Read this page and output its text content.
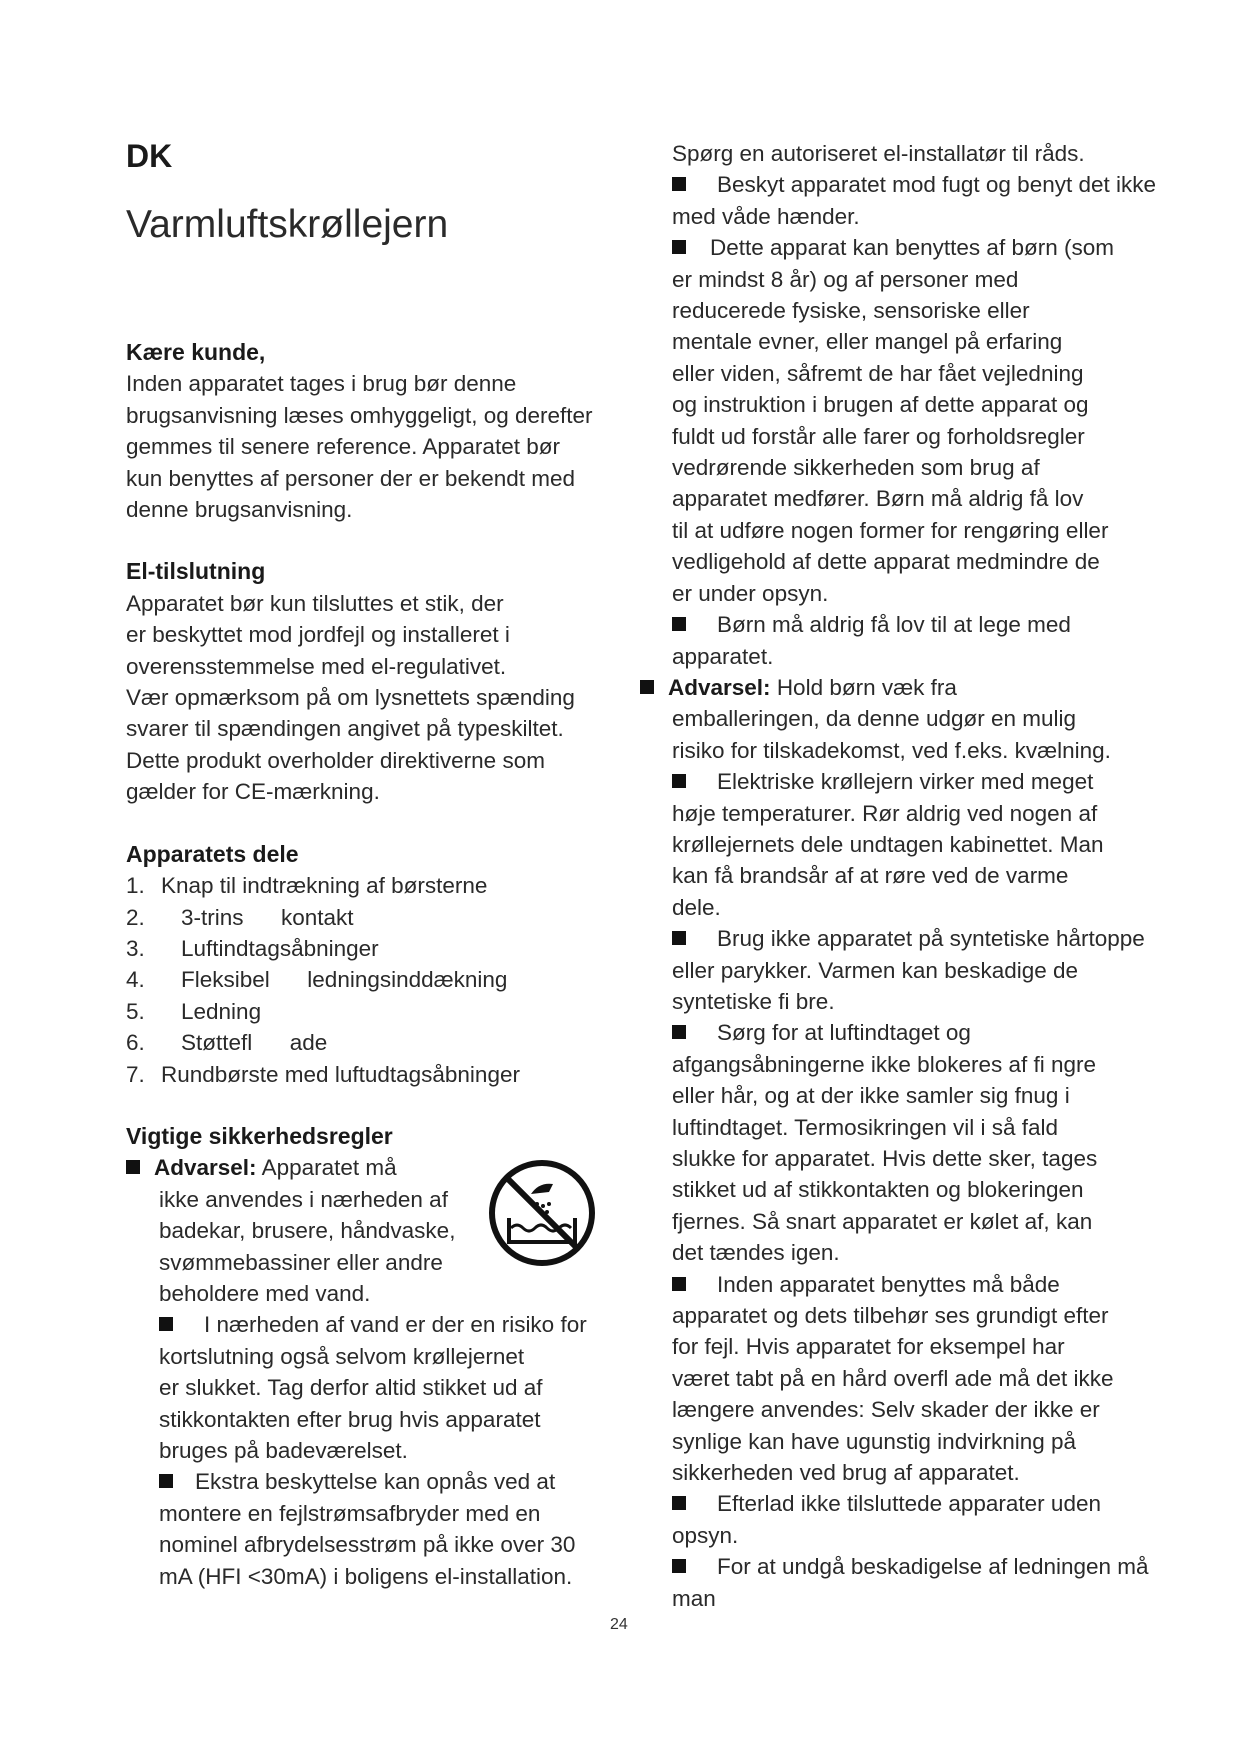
DK
Varmluftskrøllejern

Kære kunde,

Inden apparatet tages i brug bør denne

brugsanvisning læses omhyggeligt, og derefter

gemmes til senere reference. Apparatet bør

kun benyttes af personer der er bekendt med

denne brugsanvisning.

El-tilslutning

Apparatet bør kun tilsluttes et stik, der

er beskyttet mod jordfejl og installeret i

overensstemmelse med el-regulativet.

Vær opmærksom på om lysnettets spænding

svarer til spændingen angivet på typeskiltet.

Dette produkt overholder direktiverne som

gælder for CE-mærkning.

Apparatets dele

1. Knap til indtrækning af børsterne
2.	3-trins      kontakt
3.	Luftindtagsåbninger
4.	Fleksibel      ledningsinddækning
5.	Ledning
6.	Støttefl      ade
7. Rundbørste med luftudtagsåbninger

Vigtige sikkerhedsregler

Advarsel: Apparatet må

ikke anvendes i nærheden af

badekar, brusere, håndvaske,

svømmebassiner eller andre

beholdere med vand.

I nærheden af vand er der en risiko for

kortslutning også selvom krøllejernet

er slukket. Tag derfor altid stikket ud af

stikkontakten efter brug hvis apparatet

bruges på badeværelset.

Ekstra beskyttelse kan opnås ved at

montere en fejlstrømsafbryder med en

nominel afbrydelsesstrøm på ikke over 30

mA (HFI <30mA) i boligens el-installation.

Spørg en autoriseret el-installatør til råds.

Beskyt apparatet mod fugt og benyt det ikke

med våde hænder.

Dette apparat kan benyttes af børn (som

er mindst 8 år) og af personer med

reducerede fysiske, sensoriske eller

mentale evner, eller mangel på erfaring

eller viden, såfremt de har fået vejledning

og instruktion i brugen af dette apparat og

fuldt ud forstår alle farer og forholdsregler

vedrørende sikkerheden som brug af

apparatet medfører. Børn må aldrig få lov

til at udføre nogen former for rengøring eller

vedligehold af dette apparat medmindre de

er under opsyn.

Børn må aldrig få lov til at lege med

apparatet.

Advarsel: Hold børn væk fra

emballeringen, da denne udgør en mulig

risiko for tilskadekomst, ved f.eks. kvælning.

Elektriske krøllejern virker med meget

høje temperaturer. Rør aldrig ved nogen af

krøllejernets dele undtagen kabinettet. Man

kan få brandsår af at røre ved de varme

dele.

Brug ikke apparatet på syntetiske hårtoppe

eller parykker. Varmen kan beskadige de

syntetiske fi bre.

Sørg for at luftindtaget og

afgangsåbningerne ikke blokeres af fi ngre

eller hår, og at der ikke samler sig fnug i

luftindtaget. Termosikringen vil i så fald

slukke for apparatet. Hvis dette sker, tages

stikket ud af stikkontakten og blokeringen

fjernes. Så snart apparatet er kølet af, kan

det tændes igen.

Inden apparatet benyttes må både

apparatet og dets tilbehør ses grundigt efter

for fejl. Hvis apparatet for eksempel har

været tabt på en hård overfl ade må det ikke

længere anvendes: Selv skader der ikke er

synlige kan have ugunstig indvirkning på

sikkerheden ved brug af apparatet.

Efterlad ikke tilsluttede apparater uden

opsyn.

For at undgå beskadigelse af ledningen må

man

24
